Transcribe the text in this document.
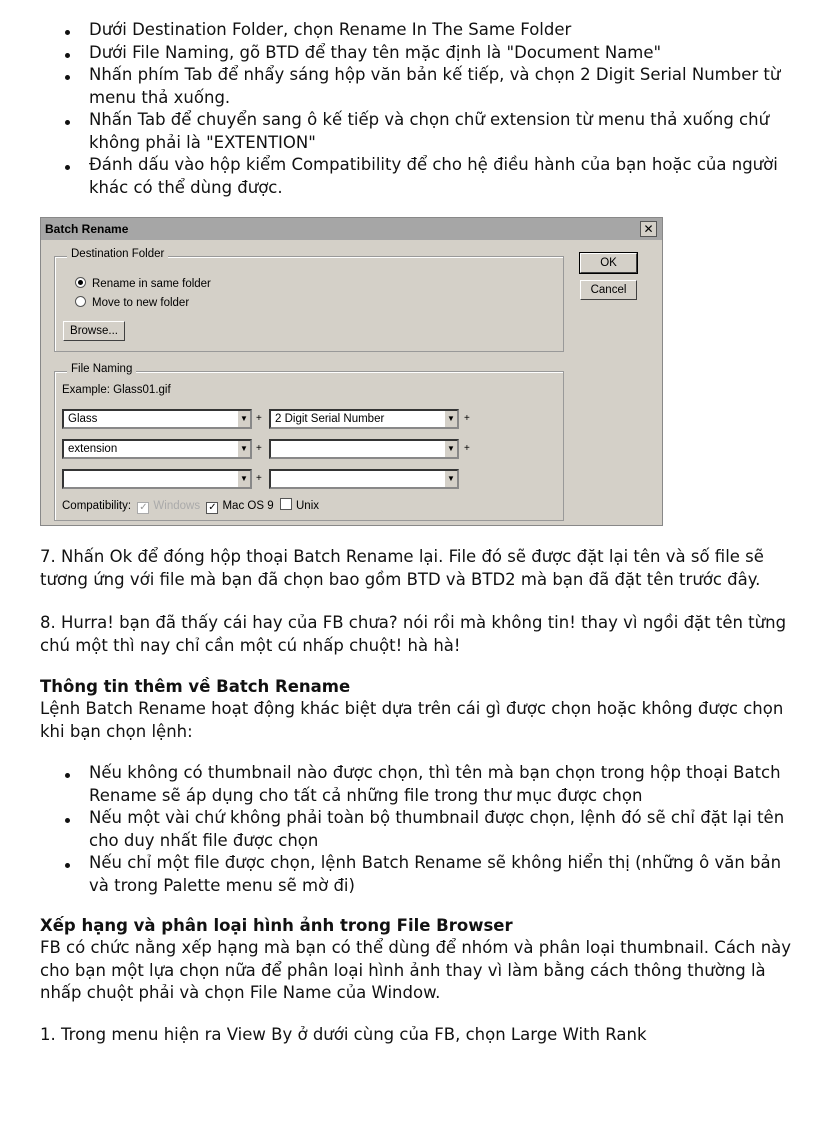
Dưới Destination Folder, chọn Rename In The Same Folder
Dưới File Naming, gõ BTD để thay tên mặc định là "Document Name"
Nhấn phím Tab để nhẩy sáng hộp văn bản kế tiếp, và chọn 2 Digit Serial Number từ menu thả xuống.
Nhấn Tab để chuyển sang ô kế tiếp và chọn chữ extension từ menu thả xuống chứ không phải là "EXTENTION"
Đánh dấu vào hộp kiểm Compatibility để cho hệ điều hành của bạn hoặc của người khác có thể dùng được.
Batch Rename	✕
Destination Folder
Rename in same folder
Move to new folder
Browse...
OK
Cancel
File Naming
Example: Glass01.gif
Glass	▼ +	2 Digit Serial Number	▼ +
extension	▼ +	▼ +
▼ +	▼
Compatibility: ✓ Windows ✓ Mac OS 9 Unix

7. Nhấn Ok để đóng hộp thoại Batch Rename lại. File đó sẽ được đặt lại tên và số file sẽ tương ứng với file mà bạn đã chọn bao gồm BTD và BTD2 mà bạn đã đặt tên trước đây.

8. Hurra! bạn đã thấy cái hay của FB chưa? nói rồi mà không tin! thay vì ngồi đặt tên từng chú một thì nay chỉ cần một cú nhấp chuột! hà hà!

Thông tin thêm về Batch Rename

Lệnh Batch Rename hoạt động khác biệt dựa trên cái gì được chọn hoặc không được chọn khi bạn chọn lệnh:

Nếu không có thumbnail nào được chọn, thì tên mà bạn chọn trong hộp thoại Batch Rename sẽ áp dụng cho tất cả những file trong thư mục được chọn
Nếu một vài chứ không phải toàn bộ thumbnail được chọn, lệnh đó sẽ chỉ đặt lại tên cho duy nhất file được chọn
Nếu chỉ một file được chọn, lệnh Batch Rename sẽ không hiển thị (những ô văn bản và trong Palette menu sẽ mờ đi)

Xếp hạng và phân loại hình ảnh trong File Browser

FB có chức nằng xếp hạng mà bạn có thể dùng để nhóm và phân loại thumbnail. Cách này cho bạn một lựa chọn nữa để phân loại hình ảnh thay vì làm bằng cách thông thường là nhấp chuột phải và chọn File Name của Window.

1. Trong menu hiện ra View By ở dưới cùng của FB, chọn Large With Rank
